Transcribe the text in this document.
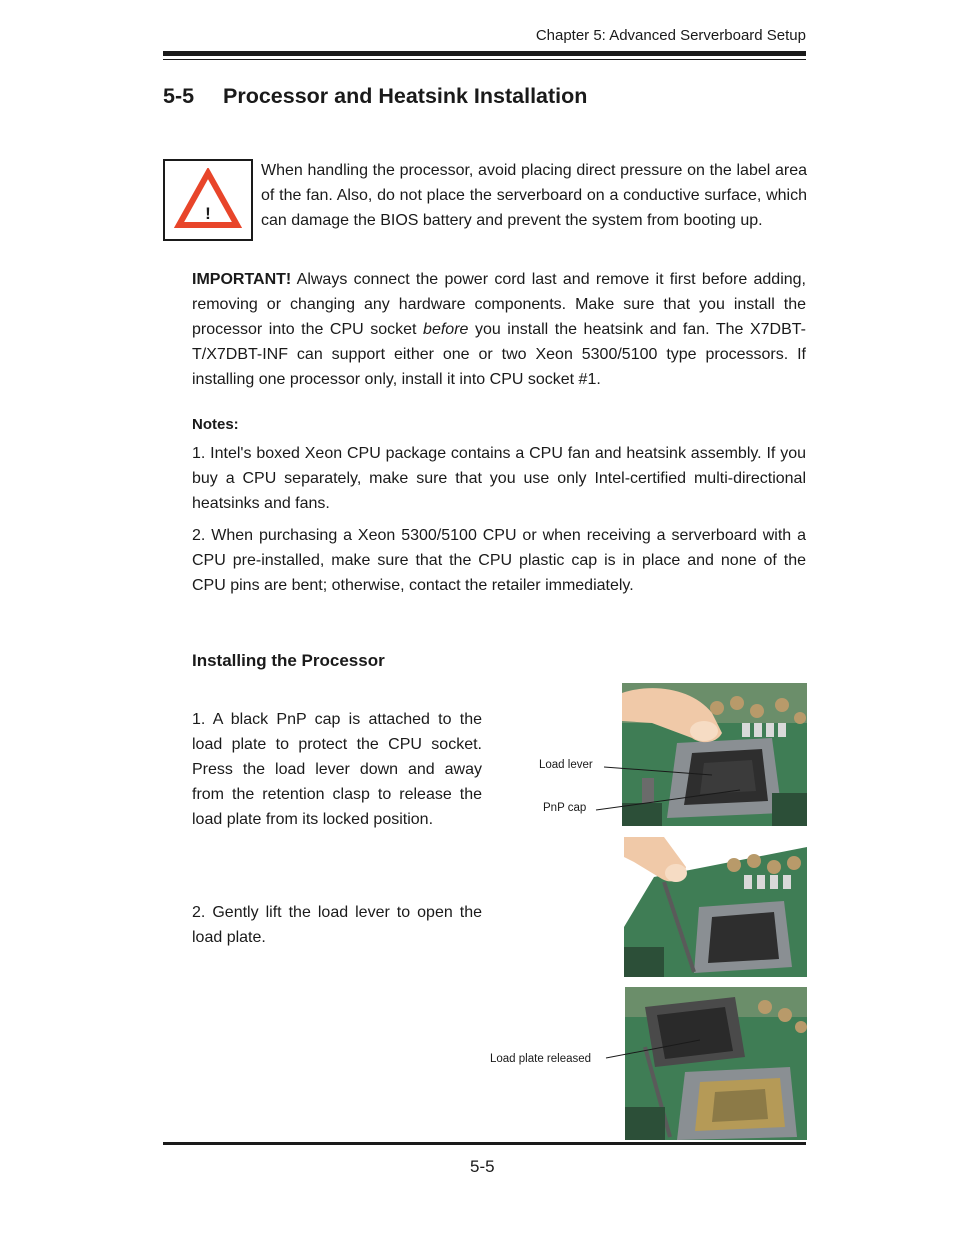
Chapter 5: Advanced Serverboard Setup
5-5 Processor and Heatsink Installation
!
When handling the processor, avoid placing direct pressure on the label area of the fan. Also, do not place the serverboard on a conductive surface, which can damage the BIOS battery and prevent the system from booting up.
IMPORTANT! Always connect the power cord last and remove it first before adding, removing or changing any hardware components. Make sure that you install the processor into the CPU socket before you install the heatsink and fan. The X7DBT-T/X7DBT-INF can support either one or two Xeon 5300/5100 type processors. If installing one processor only, install it into CPU socket #1.
Notes:
1. Intel's boxed Xeon CPU package contains a CPU fan and heatsink assembly. If you buy a CPU separately, make sure that you use only Intel-certified multi-directional heatsinks and fans.
2. When purchasing a Xeon 5300/5100 CPU or when receiving a serverboard with a CPU pre-installed, make sure that the CPU plastic cap is in place and none of the CPU pins are bent; otherwise, contact the retailer immediately.
Installing the Processor
1. A black PnP cap is attached to the load plate to protect the CPU socket. Press the load lever down and away from the retention clasp to release the load plate from its locked position.
2. Gently lift the load lever to open the load plate.
Load lever
PnP cap
Load plate released
5-5
